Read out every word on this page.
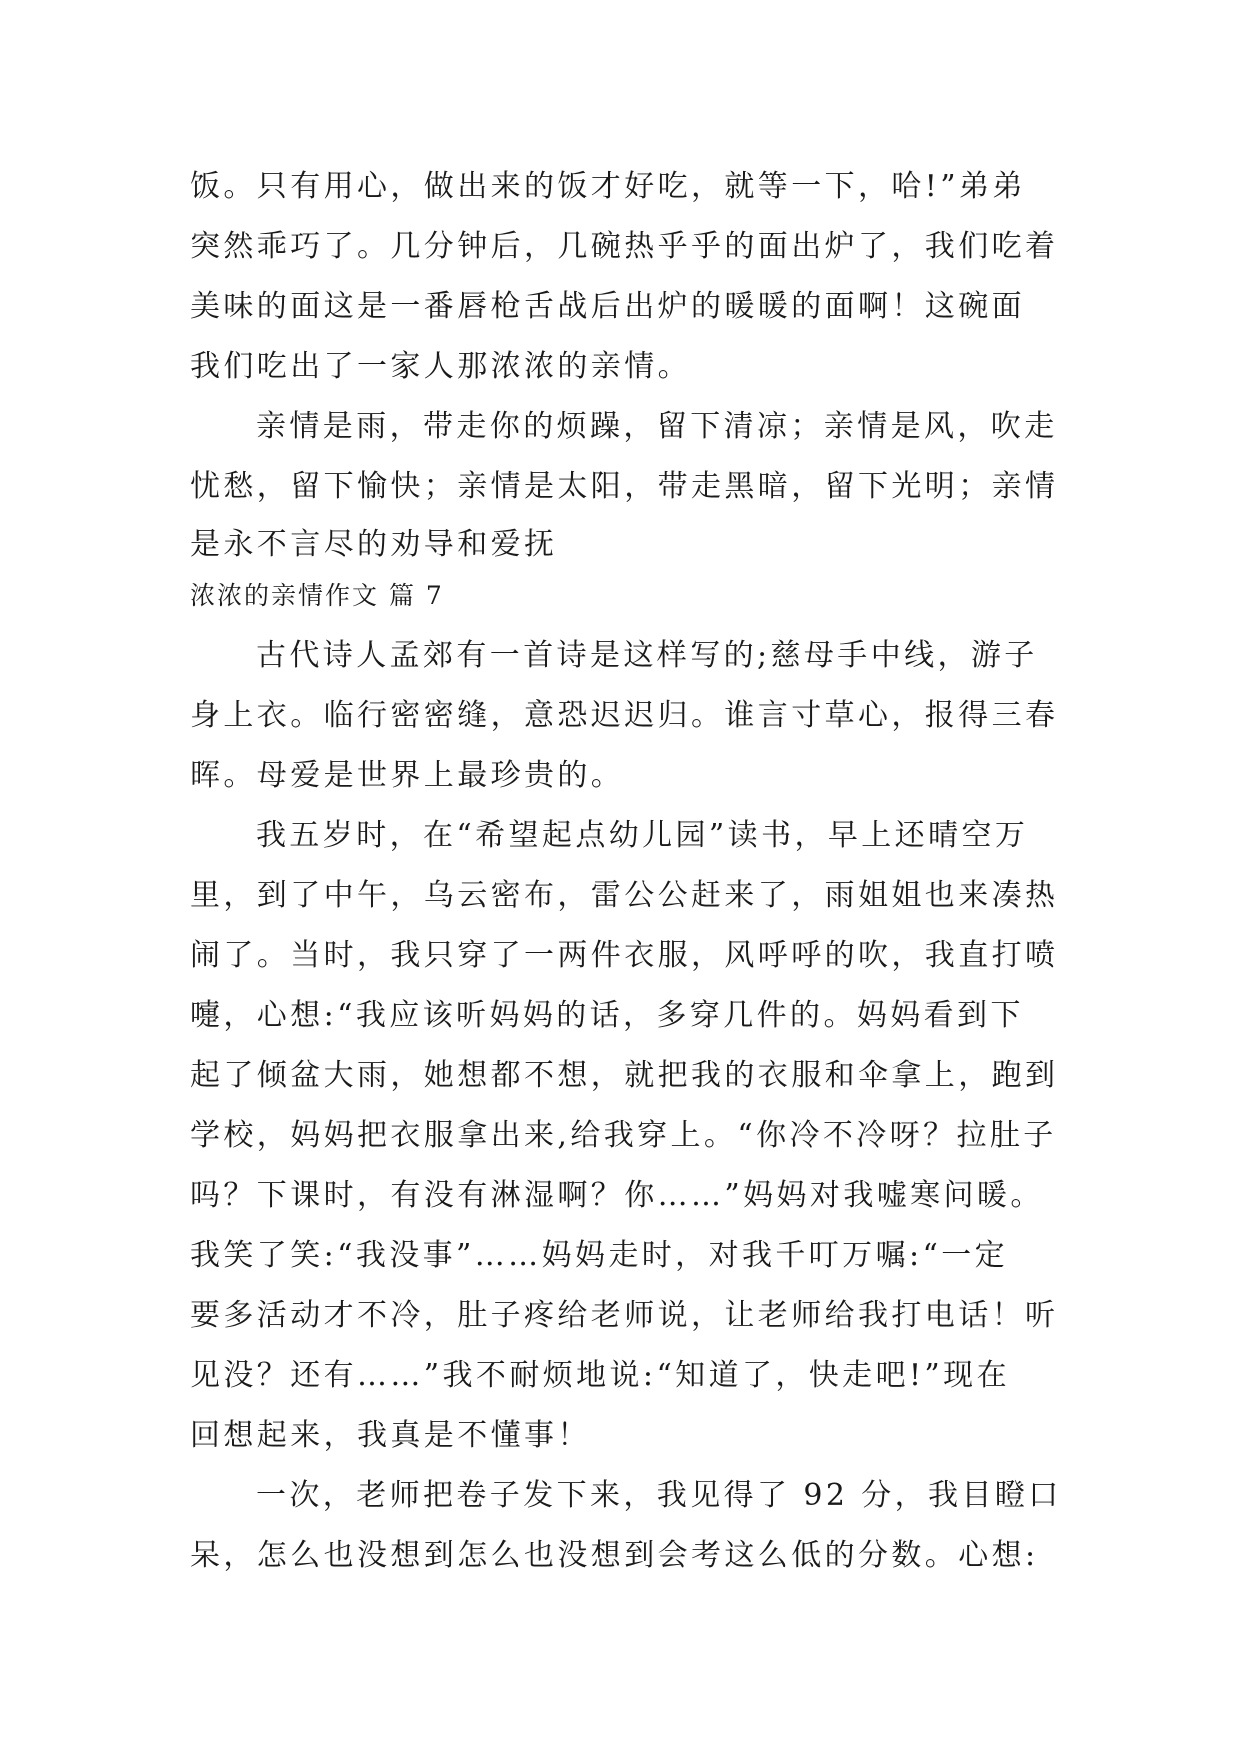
饭。只有用心，做出来的饭才好吃，就等一下，哈!”弟弟
突然乖巧了。几分钟后，几碗热乎乎的面出炉了，我们吃着
美味的面这是一番唇枪舌战后出炉的暖暖的面啊！这碗面
我们吃出了一家人那浓浓的亲情。
亲情是雨，带走你的烦躁，留下清凉；亲情是风，吹走
忧愁，留下愉快；亲情是太阳，带走黑暗，留下光明；亲情
是永不言尽的劝导和爱抚
浓浓的亲情作文 篇 7
古代诗人孟郊有一首诗是这样写的;慈母手中线，游子
身上衣。临行密密缝，意恐迟迟归。谁言寸草心，报得三春
晖。母爱是世界上最珍贵的。
我五岁时，在“希望起点幼儿园”读书，早上还晴空万
里，到了中午，乌云密布，雷公公赶来了，雨姐姐也来凑热
闹了。当时，我只穿了一两件衣服，风呼呼的吹，我直打喷
嚏，心想:“我应该听妈妈的话，多穿几件的。妈妈看到下
起了倾盆大雨，她想都不想，就把我的衣服和伞拿上，跑到
学校，妈妈把衣服拿出来,给我穿上。“你冷不冷呀？拉肚子
吗？下课时，有没有淋湿啊？你……”妈妈对我嘘寒问暖。
我笑了笑:“我没事”……妈妈走时，对我千叮万嘱:“一定
要多活动才不冷，肚子疼给老师说，让老师给我打电话！听
见没？还有……”我不耐烦地说:“知道了，快走吧!”现在
回想起来，我真是不懂事！
一次，老师把卷子发下来，我见得了 92 分，我目瞪口
呆，怎么也没想到怎么也没想到会考这么低的分数。心想:
